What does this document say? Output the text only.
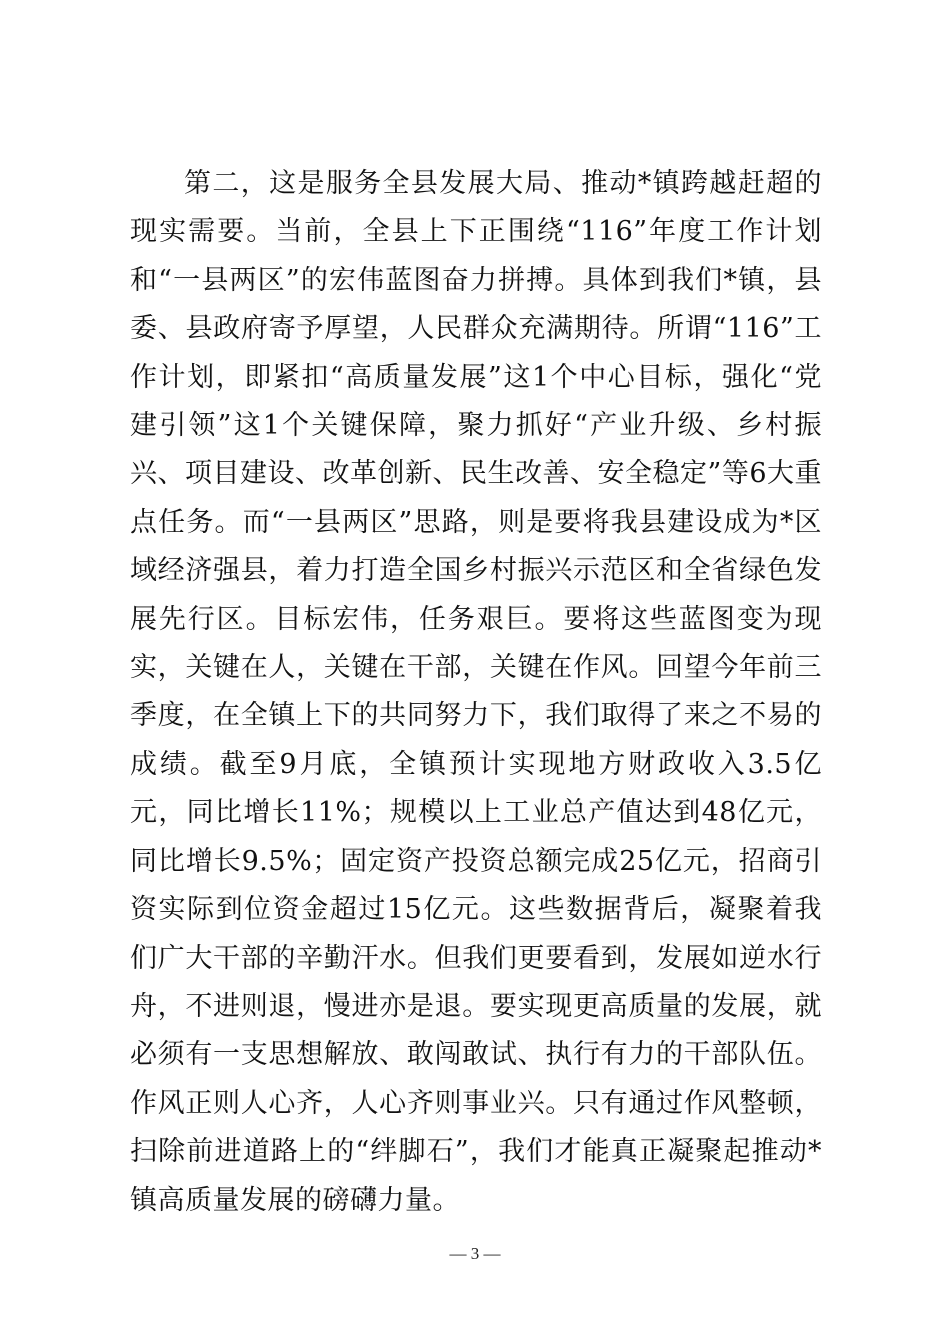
第二，这是服务全县发展大局、推动*镇跨越赶超的现实需要。当前，全县上下正围绕“116”年度工作计划和“一县两区”的宏伟蓝图奋力拼搏。具体到我们*镇，县委、县政府寄予厚望，人民群众充满期待。所谓“116”工作计划，即紧扣“高质量发展”这1个中心目标，强化“党建引领”这1个关键保障，聚力抓好“产业升级、乡村振兴、项目建设、改革创新、民生改善、安全稳定”等6大重点任务。而“一县两区”思路，则是要将我县建设成为*区域经济强县，着力打造全国乡村振兴示范区和全省绿色发展先行区。目标宏伟，任务艰巨。要将这些蓝图变为现实，关键在人，关键在干部，关键在作风。回望今年前三季度，在全镇上下的共同努力下，我们取得了来之不易的成绩。截至9月底，全镇预计实现地方财政收入3.5亿元，同比增长11%；规模以上工业总产值达到48亿元，同比增长9.5%；固定资产投资总额完成25亿元，招商引资实际到位资金超过15亿元。这些数据背后，凝聚着我们广大干部的辛勤汗水。但我们更要看到，发展如逆水行舟，不进则退，慢进亦是退。要实现更高质量的发展，就必须有一支思想解放、敢闯敢试、执行有力的干部队伍。作风正则人心齐，人心齐则事业兴。只有通过作风整顿，扫除前进道路上的“绊脚石”，我们才能真正凝聚起推动*镇高质量发展的磅礴力量。

— 3 —
